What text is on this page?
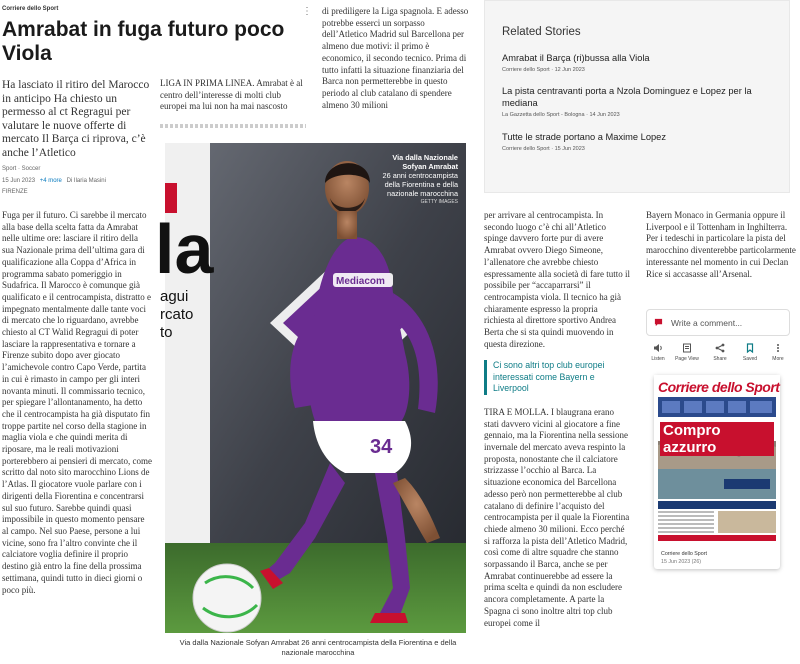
Corriere dello Sport
Ha lasciato il ritiro del Marocco in anticipo Ha chiesto un permesso al ct Regragui per valutare le nuove offerte di mercato Il Barça ci riprova, c’è anche l’Atletico
Sport · Soccer
15 Jun 2023 +4 more Di Ilaria Masini
FIRENZE
Fuga per il futuro. Ci sarebbe il mercato alla base della scelta fatta da Amrabat nelle ultime ore: lasciare il ritiro della sua Nazionale prima dell’ultima gara di qualificazione alla Coppa d’Africa in programma sabato pomeriggio in Sudafrica. Il Marocco è comunque già qualificato e il centrocampista, distratto e impegnato mentalmente dalle tante voci di mercato che lo riguardano, avrebbe chiesto al CT Walid Regragui di poter lasciare la rappresentativa e tornare a Firenze subito dopo aver giocato l’amichevole contro Capo Verde, partita in cui è rimasto in campo per gli interi novanta minuti. Il commissario tecnico, per spiegare l’allontanamento, ha detto che il centrocampista ha già disputato fin troppe partite nel corso della stagione in maglia viola e che quindi merita di riposare, ma le reali motivazioni porterebbero ai pensieri di mercato, come scritto dal noto sito marocchino Lions de l’Atlas. Il giocatore vuole parlare con i dirigenti della Fiorentina e concentrarsi sul suo futuro. Sarebbe quindi quasi impossibile in questo momento pensare al campo. Nel suo Paese, persone a lui vicine, sono fra l’altro convinte che il calciatore voglia definire il proprio destino già entro la fine della prossima settimana, quindi tutto in dieci giorni o poco più.
Amrabat in fuga futuro poco Viola
⋮
LIGA IN PRIMA LINEA. Amrabat è al centro dell’interesse di molti club europei ma lui non ha mai nascosto
di prediligere la Liga spagnola. E adesso potrebbe esserci un sorpasso dell’Atletico Madrid sul Barcellona per almeno due motivi: il primo è economico, il secondo tecnico. Prima di tutto infatti la situazione finanziaria del Barca non permetterebbe in questo periodo al club catalano di spendere almeno 30 milioni
la
agui
rcato
to
Mediacom
34
Via dalla Nazionale Sofyan Amrabat
26 anni centrocampista della Fiorentina e della nazionale marocchina
GETTY IMAGES
Via dalla Nazionale Sofyan Amrabat 26 anni centrocampista della Fiorentina e della nazionale marocchina
per arrivare al centrocampista. In secondo luogo c’è chi all’Atletico spinge davvero forte pur di avere Amrabat ovvero Diego Simeone, l’allenatore che avrebbe chiesto espressamente alla società di fare tutto il possibile per “accaparrarsi” il centrocampista viola. Il tecnico ha già chiaramente espresso la propria richiesta al direttore sportivo Andrea Berta che si sta quindi muovendo in questa direzione.
Ci sono altri top club europei interessati come Bayern e Liverpool
TIRA E MOLLA. I blaugrana erano stati davvero vicini al giocatore a fine gennaio, ma la Fiorentina nella sessione invernale del mercato aveva respinto la proposta, nonostante che il calciatore strizzasse l’occhio al Barca. La situazione economica del Barcellona adesso però non permetterebbe al club catalano di definire l’acquisto del centrocampista per il quale la Fiorentina chiede almeno 30 milioni. Ecco perché si rafforza la pista dell’Atletico Madrid, così come di altre squadre che stanno sorpassando il Barca, anche se per Amrabat continuerebbe ad essere la prima scelta e quindi da non escludere ancora completamente. A parte la Spagna ci sono inoltre altri top club europei come il
Bayern Monaco in Germania oppure il Liverpool e il Tottenham in Inghilterra. Per i tedeschi in particolare la pista del marocchino diventerebbe particolarmente interessante nel momento in cui Declan Rice si accasasse all’Arsenal.
Related Stories
Amrabat il Barça (ri)bussa alla Viola
Corriere dello Sport · 12 Jun 2023
La pista centravanti porta a Nzola Dominguez e Lopez per la mediana
La Gazzetta dello Sport - Bologna · 14 Jun 2023
Tutte le strade portano a Maxime Lopez
Corriere dello Sport · 15 Jun 2023
Write a comment...
Listen	Page View	Share	Saved	More
Corriere dello Sport
Compro azzurro
Corriere dello Sport
15 Jun 2023 (26)
